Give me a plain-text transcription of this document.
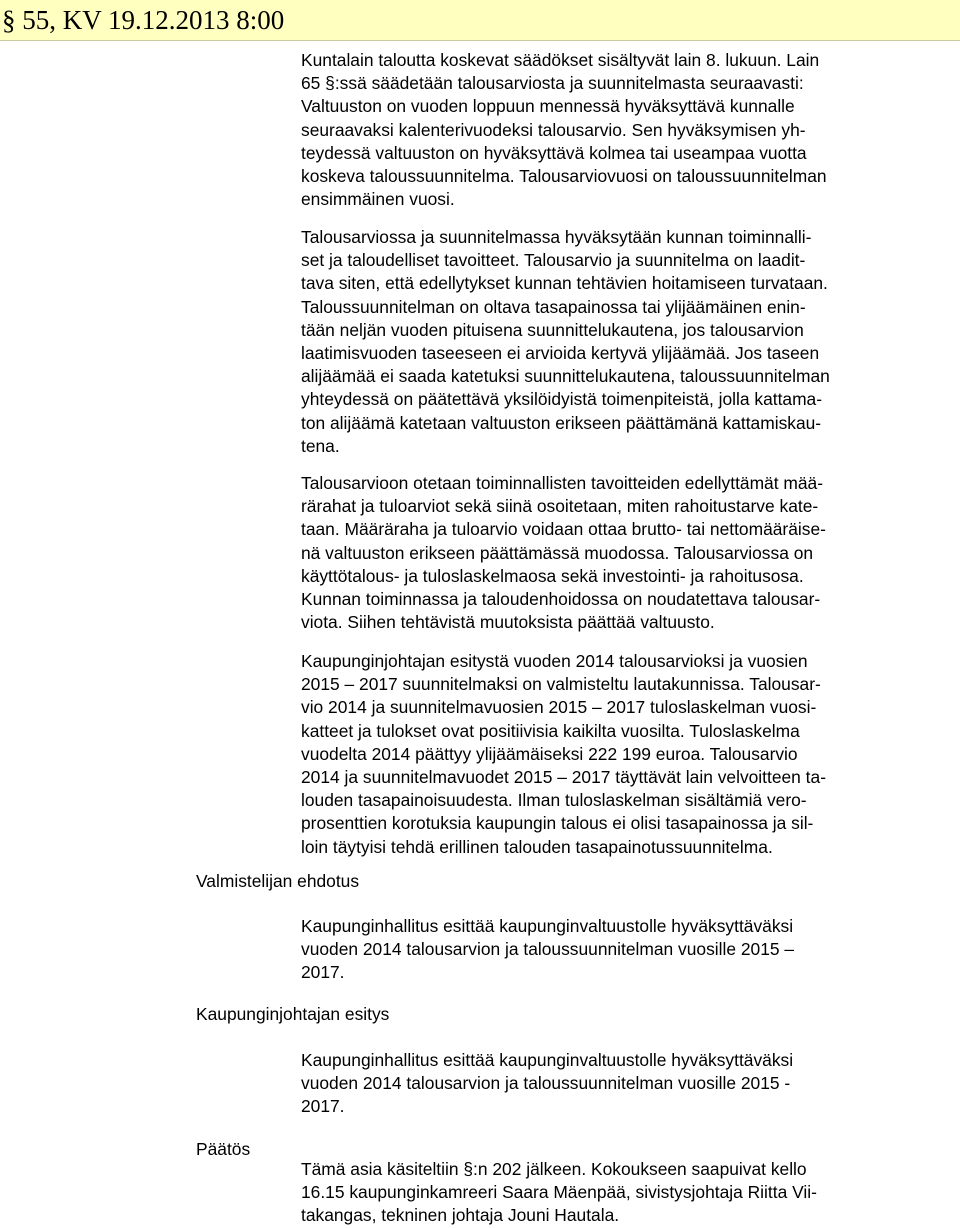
§ 55, KV 19.12.2013 8:00
Kuntalain taloutta koskevat säädökset sisältyvät lain 8. lukuun. Lain
65 §:ssä säädetään talousarviosta ja suunnitelmasta seuraavasti:
Valtuuston on vuoden loppuun mennessä hyväksyttävä kunnalle
seuraavaksi kalenterivuodeksi talousarvio. Sen hyväksymisen yh-
teydessä valtuuston on hyväksyttävä kolmea tai useampaa vuotta
koskeva taloussuunnitelma. Talousarviovuosi on taloussuunnitelman
ensimmäinen vuosi.
Talousarviossa ja suunnitelmassa hyväksytään kunnan toiminnalli-
set ja taloudelliset tavoitteet. Talousarvio ja suunnitelma on laadit-
tava siten, että edellytykset kunnan tehtävien hoitamiseen turvataan.
Taloussuunnitelman on oltava tasapainossa tai ylijäämäinen enin-
tään neljän vuoden pituisena suunnittelukautena, jos talousarvion
laatimisvuoden taseeseen ei arvioida kertyvä ylijäämää. Jos taseen
alijäämää ei saada katetuksi suunnittelukautena, taloussuunnitelman
yhteydessä on päätettävä yksilöidyistä toimenpiteistä, jolla kattama-
ton alijäämä katetaan valtuuston erikseen päättämänä kattamiskau-
tena.
Talousarvioon otetaan toiminnallisten tavoitteiden edellyttämät mää-
rärahat ja tuloarviot sekä siinä osoitetaan, miten rahoitustarve kate-
taan. Määräraha ja tuloarvio voidaan ottaa brutto- tai nettomääräise-
nä valtuuston erikseen päättämässä muodossa. Talousarviossa on
käyttötalous- ja tuloslaskelmaosa sekä investointi- ja rahoitusosa.
Kunnan toiminnassa ja taloudenhoidossa on noudatettava talousar-
viota. Siihen tehtävistä muutoksista päättää valtuusto.
Kaupunginjohtajan esitystä vuoden 2014 talousarvioksi ja vuosien
2015 – 2017 suunnitelmaksi on valmisteltu lautakunnissa. Talousar-
vio 2014 ja suunnitelmavuosien 2015 – 2017 tuloslaskelman vuosi-
katteet ja tulokset ovat positiivisia kaikilta vuosilta. Tuloslaskelma
vuodelta 2014 päättyy ylijäämäiseksi 222 199 euroa. Talousarvio
2014 ja suunnitelmavuodet 2015 – 2017 täyttävät lain velvoitteen ta-
louden tasapainoisuudesta. Ilman tuloslaskelman sisältämiä vero-
prosenttien korotuksia kaupungin talous ei olisi tasapainossa ja sil-
loin täytyisi tehdä erillinen talouden tasapainotussuunnitelma.
Valmistelijan ehdotus
Kaupunginhallitus esittää kaupunginvaltuustolle hyväksyttäväksi
vuoden 2014 talousarvion ja taloussuunnitelman vuosille 2015 –
2017.
Kaupunginjohtajan esitys
Kaupunginhallitus esittää kaupunginvaltuustolle hyväksyttäväksi
vuoden 2014 talousarvion ja taloussuunnitelman vuosille 2015 -
2017.
Päätös
Tämä asia käsiteltiin §:n 202 jälkeen. Kokoukseen saapuivat kello
16.15 kaupunginkamreeri Saara Mäenpää, sivistysjohtaja Riitta Vii-
takangas, tekninen johtaja Jouni Hautala.
